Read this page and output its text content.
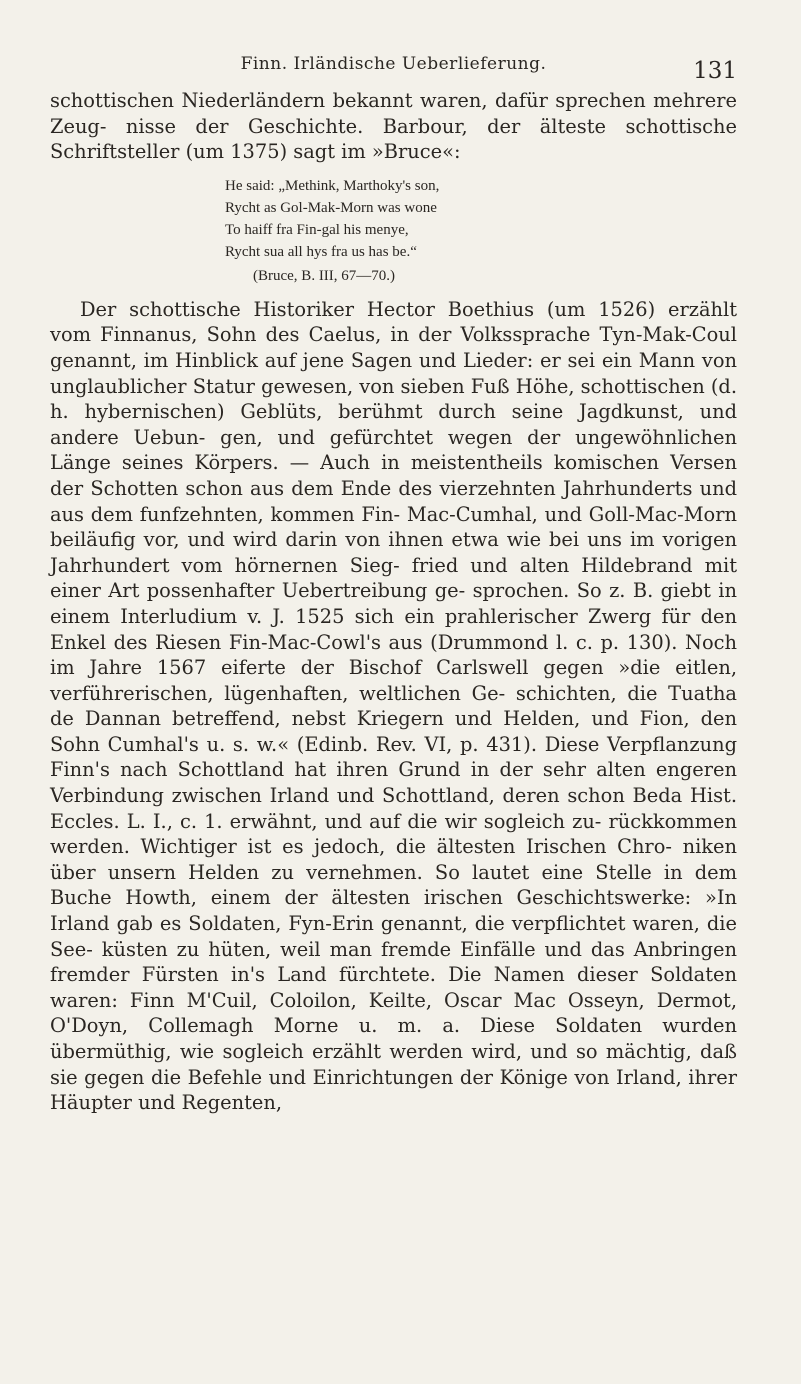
Finn. Irländische Ueberlieferung.	131

schottischen Niederländern bekannt waren, dafür sprechen mehrere Zeug- nisse der Geschichte. Barbour, der älteste schottische Schriftsteller (um 1375) sagt im »Bruce«:

He said: „Methink, Marthoky's son,
Rycht as Gol-Mak-Morn was wone
To haiff fra Fin-gal his menye,
Rycht sua all hys fra us has be.“
(Bruce, B. III, 67—70.)

Der schottische Historiker Hector Boethius (um 1526) erzählt vom Finnanus, Sohn des Caelus, in der Volkssprache Tyn-Mak-Coul genannt, im Hinblick auf jene Sagen und Lieder: er sei ein Mann von unglaublicher Statur gewesen, von sieben Fuß Höhe, schottischen (d. h. hybernischen) Geblüts, berühmt durch seine Jagdkunst, und andere Uebun- gen, und gefürchtet wegen der ungewöhnlichen Länge seines Körpers. — Auch in meistentheils komischen Versen der Schotten schon aus dem Ende des vierzehnten Jahrhunderts und aus dem funfzehnten, kommen Fin- Mac-Cumhal, und Goll-Mac-Morn beiläufig vor, und wird darin von ihnen etwa wie bei uns im vorigen Jahrhundert vom hörnernen Sieg- fried und alten Hildebrand mit einer Art possenhafter Uebertreibung ge- sprochen. So z. B. giebt in einem Interludium v. J. 1525 sich ein prahlerischer Zwerg für den Enkel des Riesen Fin-Mac-Cowl's aus (Drummond l. c. p. 130). Noch im Jahre 1567 eiferte der Bischof Carlswell gegen »die eitlen, verführerischen, lügenhaften, weltlichen Ge- schichten, die Tuatha de Dannan betreffend, nebst Kriegern und Helden, und Fion, den Sohn Cumhal's u. s. w.« (Edinb. Rev. VI, p. 431). Diese Verpflanzung Finn's nach Schottland hat ihren Grund in der sehr alten engeren Verbindung zwischen Irland und Schottland, deren schon Beda Hist. Eccles. L. I., c. 1. erwähnt, und auf die wir sogleich zu- rückkommen werden. Wichtiger ist es jedoch, die ältesten Irischen Chro- niken über unsern Helden zu vernehmen. So lautet eine Stelle in dem Buche Howth, einem der ältesten irischen Geschichtswerke: »In Irland gab es Soldaten, Fyn-Erin genannt, die verpflichtet waren, die See- küsten zu hüten, weil man fremde Einfälle und das Anbringen fremder Fürsten in's Land fürchtete. Die Namen dieser Soldaten waren: Finn M'Cuil, Coloilon, Keilte, Oscar Mac Osseyn, Dermot, O'Doyn, Collemagh Morne u. m. a. Diese Soldaten wurden übermüthig, wie sogleich erzählt werden wird, und so mächtig, daß sie gegen die Befehle und Einrichtungen der Könige von Irland, ihrer Häupter und Regenten,
